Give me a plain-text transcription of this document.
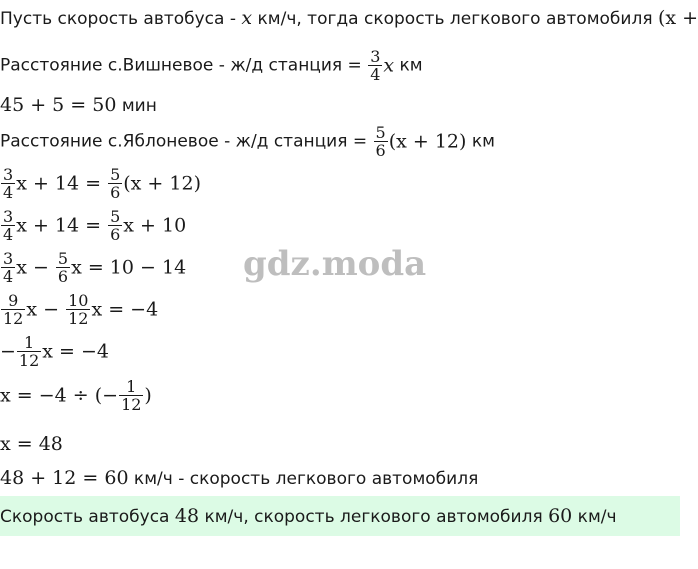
Пусть скорость автобуса - x км/ч, тогда скорость легкового автомобиля (x +
Расстояние с.Вишневое - ж/д станция = $\frac{3}{4}$ x км
45 + 5 = 50 мин
Расстояние с.Яблоневое - ж/д станция = $\frac{5}{6} (x + 12)$ км
$\frac{3}{4}$ $x + 14 = \frac{5}{6} (x + 12)$
$\frac{3}{4}$ $x + 14 = \frac{5}{6}$ x + 10
$\frac{3}{4}$ $x - \frac{5}{6}$ x = 10 − 14
$\frac{9}{12}$ $x - \frac{10}{12}$ x = −4
− $\frac{1}{12}$ x = −4
x = −4 ÷ (− $\frac{1}{12}$ )
x = 48
48 + 12 = 60 км/ч - скорость легкового автомобиля
Скорость автобуса 48 км/ч, скорость легкового автомобиля 60 км/ч
gdz.moda
